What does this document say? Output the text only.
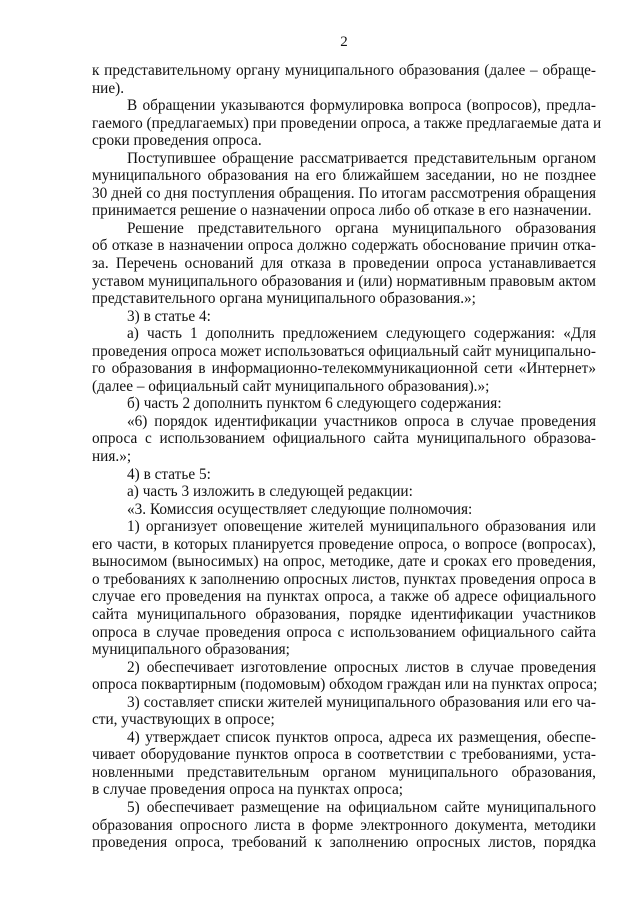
2
к представительному органу муниципального образования (далее – обраще-
ние).
В обращении указываются формулировка вопроса (вопросов), предла-
гаемого (предлагаемых) при проведении опроса, а также предлагаемые дата и
сроки проведения опроса.
Поступившее обращение рассматривается представительным органом
муниципального образования на его ближайшем заседании, но не позднее
30 дней со дня поступления обращения. По итогам рассмотрения обращения
принимается решение о назначении опроса либо об отказе в его назначении.
Решение представительного органа муниципального образования
об отказе в назначении опроса должно содержать обоснование причин отка-
за. Перечень оснований для отказа в проведении опроса устанавливается
уставом муниципального образования и (или) нормативным правовым актом
представительного органа муниципального образования.»;
3) в статье 4:
а) часть 1 дополнить предложением следующего содержания: «Для
проведения опроса может использоваться официальный сайт муниципально-
го образования в информационно-телекоммуникационной сети «Интернет»
(далее – официальный сайт муниципального образования).»;
б) часть 2 дополнить пунктом 6 следующего содержания:
«6) порядок идентификации участников опроса в случае проведения
опроса с использованием официального сайта муниципального образова-
ния.»;
4) в статье 5:
а) часть 3 изложить в следующей редакции:
«3. Комиссия осуществляет следующие полномочия:
1) организует оповещение жителей муниципального образования или
его части, в которых планируется проведение опроса, о вопросе (вопросах),
выносимом (выносимых) на опрос, методике, дате и сроках его проведения,
о требованиях к заполнению опросных листов, пунктах проведения опроса в
случае его проведения на пунктах опроса, а также об адресе официального
сайта муниципального образования, порядке идентификации участников
опроса в случае проведения опроса с использованием официального сайта
муниципального образования;
2) обеспечивает изготовление опросных листов в случае проведения
опроса поквартирным (подомовым) обходом граждан или на пунктах опроса;
3) составляет списки жителей муниципального образования или его ча-
сти, участвующих в опросе;
4) утверждает список пунктов опроса, адреса их размещения, обеспе-
чивает оборудование пунктов опроса в соответствии с требованиями, уста-
новленными представительным органом муниципального образования,
в случае проведения опроса на пунктах опроса;
5) обеспечивает размещение на официальном сайте муниципального
образования опросного листа в форме электронного документа, методики
проведения опроса, требований к заполнению опросных листов, порядка
